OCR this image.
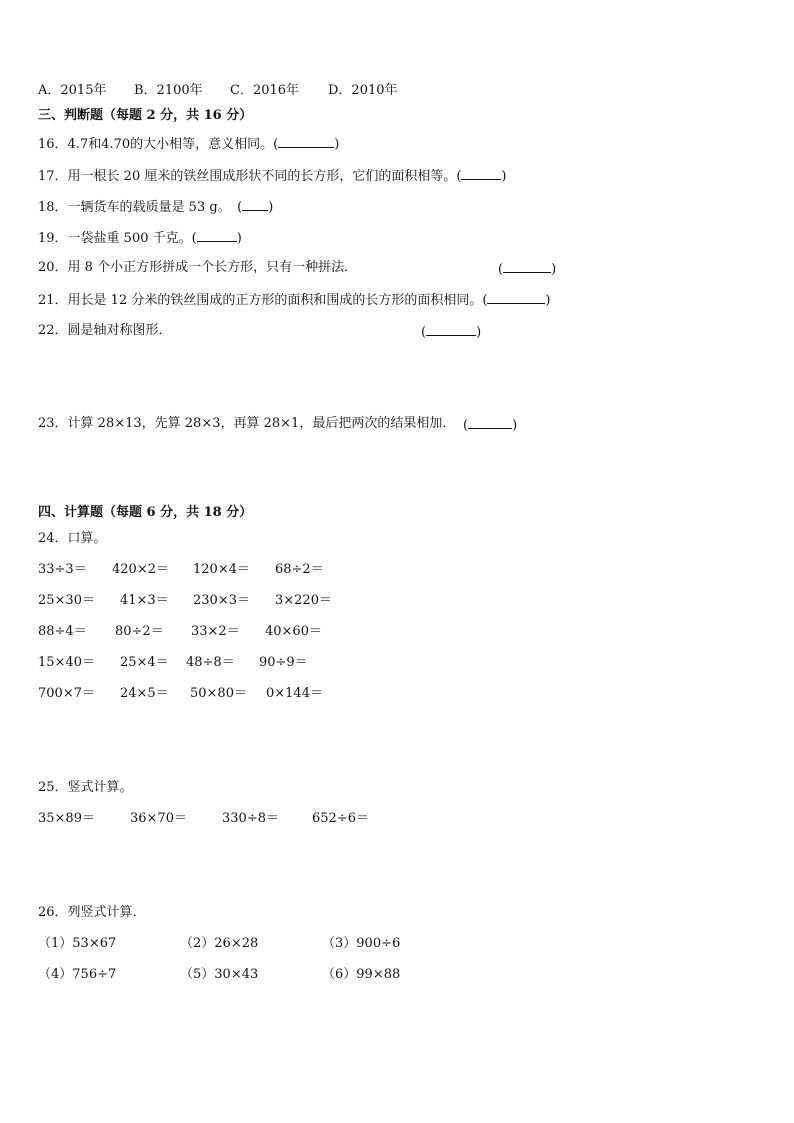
A．2015年 B．2100年 C．2016年 D．2010年
三、判断题（每题 2 分，共 16 分）
16．4.7和4.70的大小相等，意义相同。(	)
17．用一根长 20 厘米的铁丝围成形状不同的长方形，它们的面积相等。(	)
18．一辆货车的载质量是 53 g。　( )
19．一袋盐重 500 千克。(	)
20．用 8 个小正方形拼成一个长方形，只有一种拼法．	(	)
21．用长是 12 分米的铁丝围成的正方形的面积和围成的长方形的面积相同。(	)
22．圆是轴对称图形．	(	)
23．计算 28×13，先算 28×3，再算 28×1，最后把两次的结果相加． (	)
四、计算题（每题 6 分，共 18 分）
24．口算。
33÷3＝ 420×2＝ 120×4＝ 68÷2＝
25×30＝ 41×3＝ 230×3＝ 3×220＝
88÷4＝ 80÷2＝ 33×2＝ 40×60＝
15×40＝ 25×4＝ 48÷8＝ 90÷9＝
700×7＝ 24×5＝ 50×80＝ 0×144＝
25．竖式计算。
35×89＝	36×70＝	330÷8＝	652÷6＝
26．列竖式计算．
（1）53×67	（2）26×28	（3）900÷6
（4）756÷7	（5）30×43	（6）99×88
